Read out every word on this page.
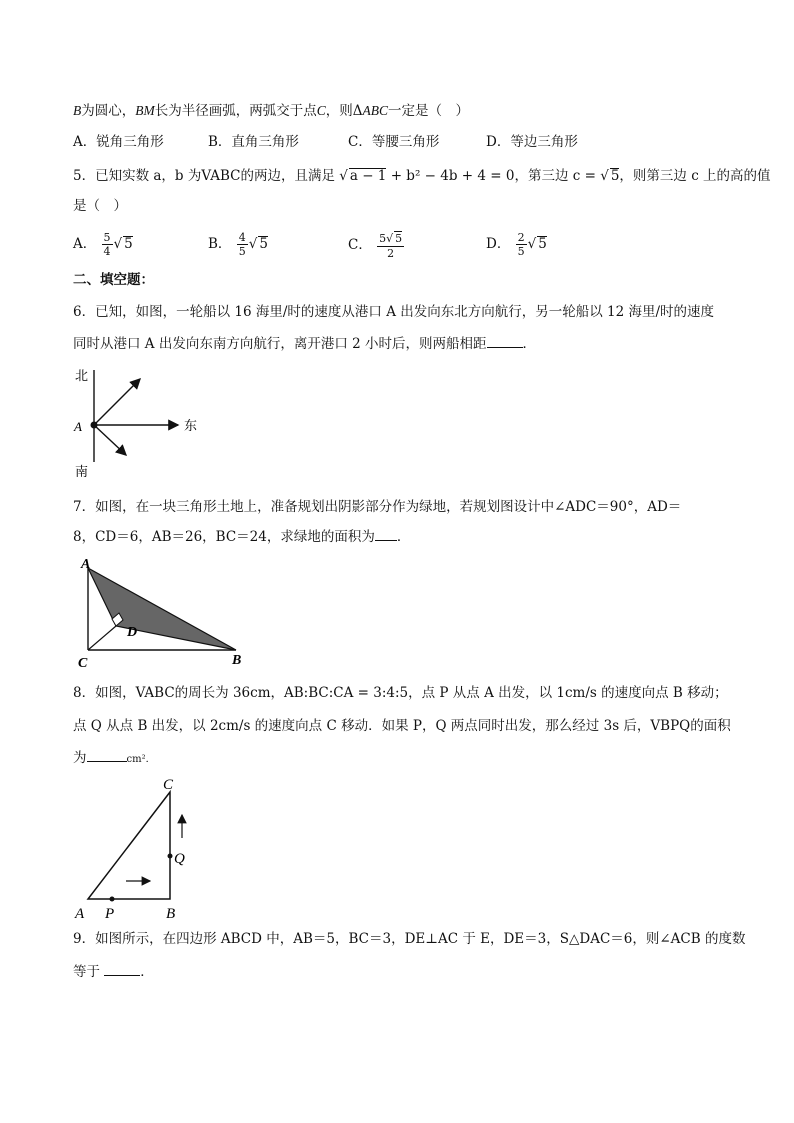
B为圆心，BM长为半径画弧，两弧交于点C，则ΔABC一定是（　）
A．锐角三角形	B．直角三角形	C．等腰三角形	D．等边三角形
5．已知实数 a，b 为VABC的两边，且满足 √ a − 1 + b² − 4b + 4 = 0，第三边 c = √ 5，则第三边 c 上的高的值
是（　）
A． $\frac{5}{4}$ √ 5	B． $\frac{4}{5}$ √ 5	C． $\frac{5√ 5}{2}$	D． $\frac{2}{5}$ √ 5
二、填空题：
6．已知，如图，一轮船以 16 海里/时的速度从港口 A 出发向东北方向航行，另一轮船以 12 海里/时的速度
同时从港口 A 出发向东南方向航行，离开港口 2 小时后，则两船相距	．
北
南
东
A
7．如图，在一块三角形土地上，准备规划出阴影部分作为绿地，若规划图设计中∠ADC＝90°，AD＝
8，CD＝6，AB＝26，BC＝24，求绿地的面积为 ．
A
B
C
D
8．如图，VABC的周长为 36cm，AB:BC:CA = 3:4:5，点 P 从点 A 出发，以 1cm/s 的速度向点 B 移动；
点 Q 从点 B 出发，以 2cm/s 的速度向点 C 移动．如果 P，Q 两点同时出发，那么经过 3s 后，VBPQ的面积
为	cm²．
A	B
C
P
Q
9．如图所示，在四边形 ABCD 中，AB＝5，BC＝3，DE⊥AC 于 E，DE＝3，S△DAC＝6，则∠ACB 的度数
等于	．
